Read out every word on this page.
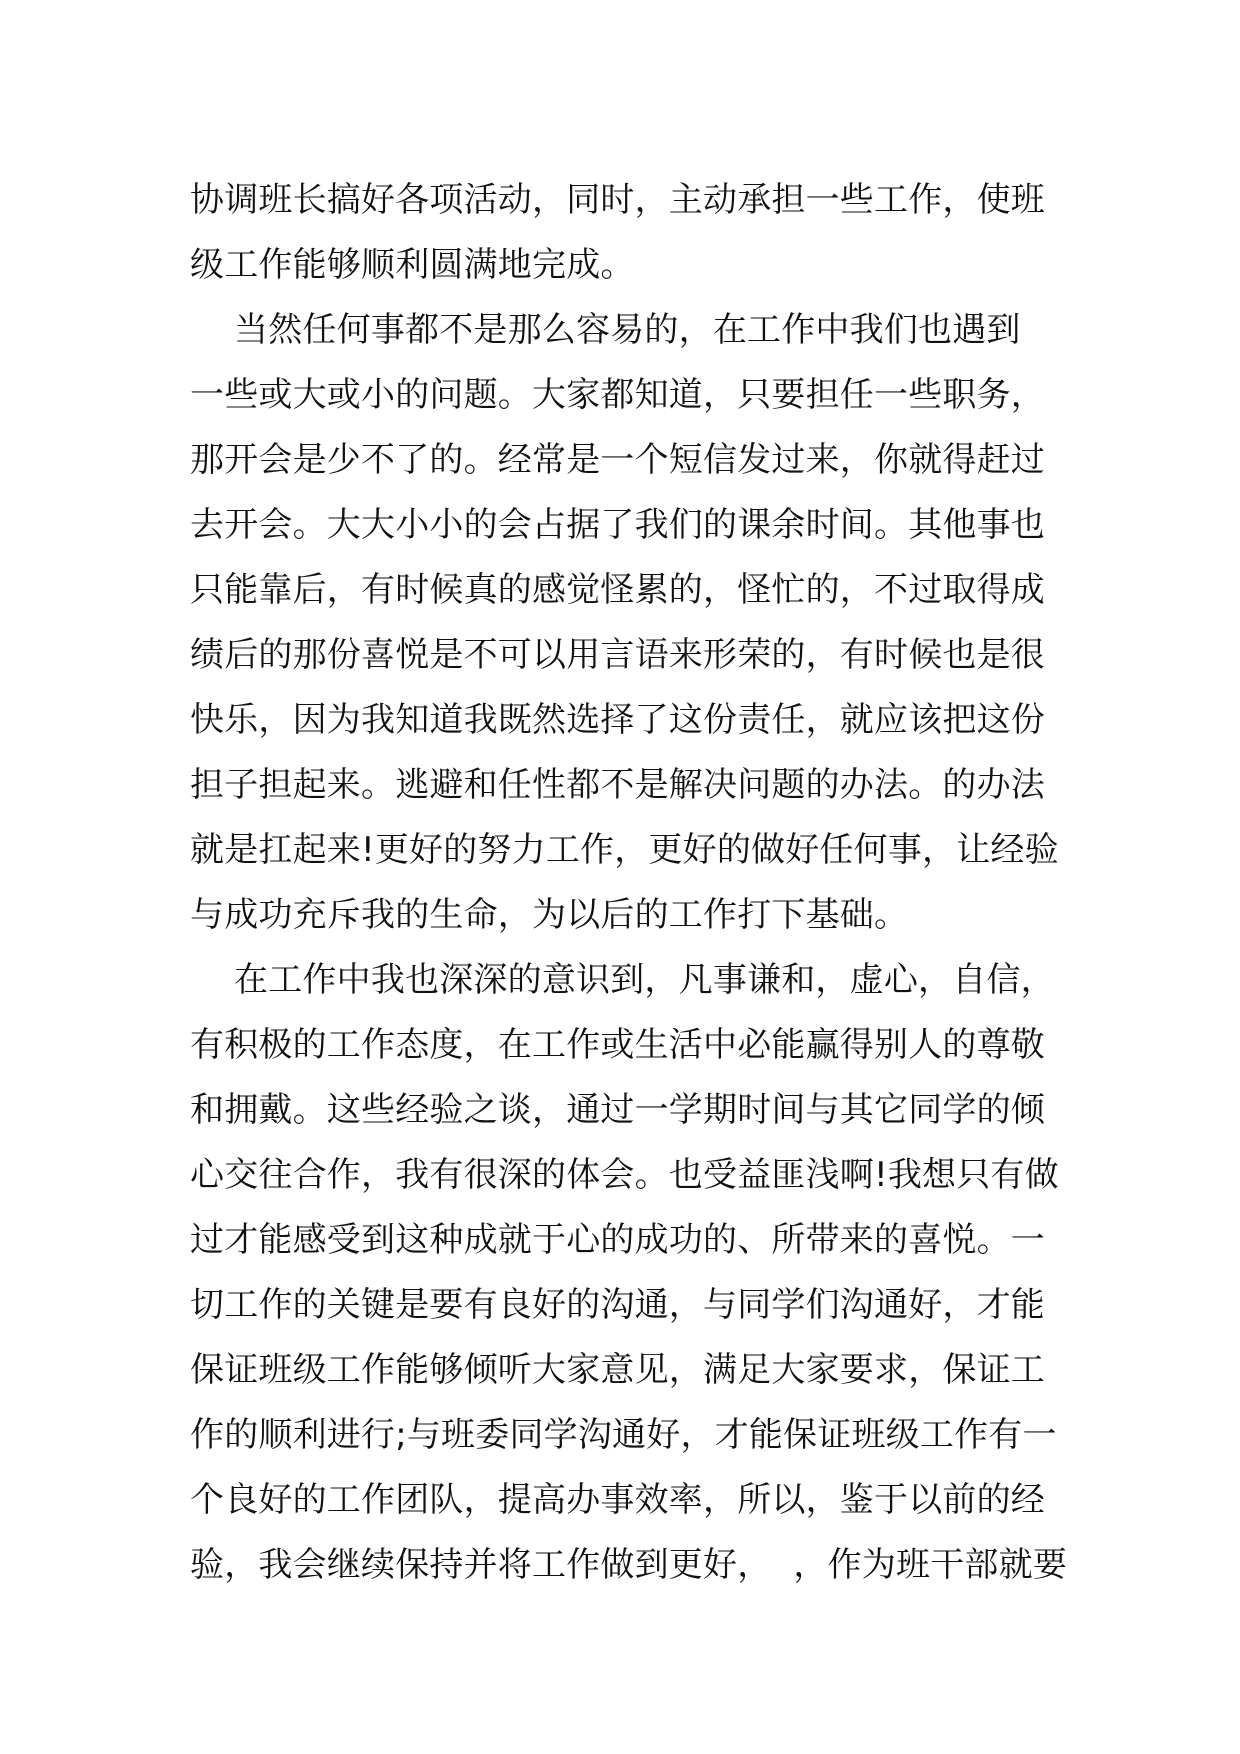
协调班长搞好各项活动，同时，主动承担一些工作，使班
级工作能够顺利圆满地完成。
当然任何事都不是那么容易的，在工作中我们也遇到
一些或大或小的问题。大家都知道，只要担任一些职务，
那开会是少不了的。经常是一个短信发过来，你就得赶过
去开会。大大小小的会占据了我们的课余时间。其他事也
只能靠后，有时候真的感觉怪累的，怪忙的，不过取得成
绩后的那份喜悦是不可以用言语来形荣的，有时候也是很
快乐，因为我知道我既然选择了这份责任，就应该把这份
担子担起来。逃避和任性都不是解决问题的办法。的办法
就是扛起来!更好的努力工作，更好的做好任何事，让经验
与成功充斥我的生命，为以后的工作打下基础。
在工作中我也深深的意识到，凡事谦和，虚心，自信，
有积极的工作态度，在工作或生活中必能赢得别人的尊敬
和拥戴。这些经验之谈，通过一学期时间与其它同学的倾
心交往合作，我有很深的体会。也受益匪浅啊!我想只有做
过才能感受到这种成就于心的成功的、所带来的喜悦。一
切工作的关键是要有良好的沟通，与同学们沟通好，才能
保证班级工作能够倾听大家意见，满足大家要求，保证工
作的顺利进行;与班委同学沟通好，才能保证班级工作有一
个良好的工作团队，提高办事效率，所以，鉴于以前的经
验，我会继续保持并将工作做到更好，  ，作为班干部就要
